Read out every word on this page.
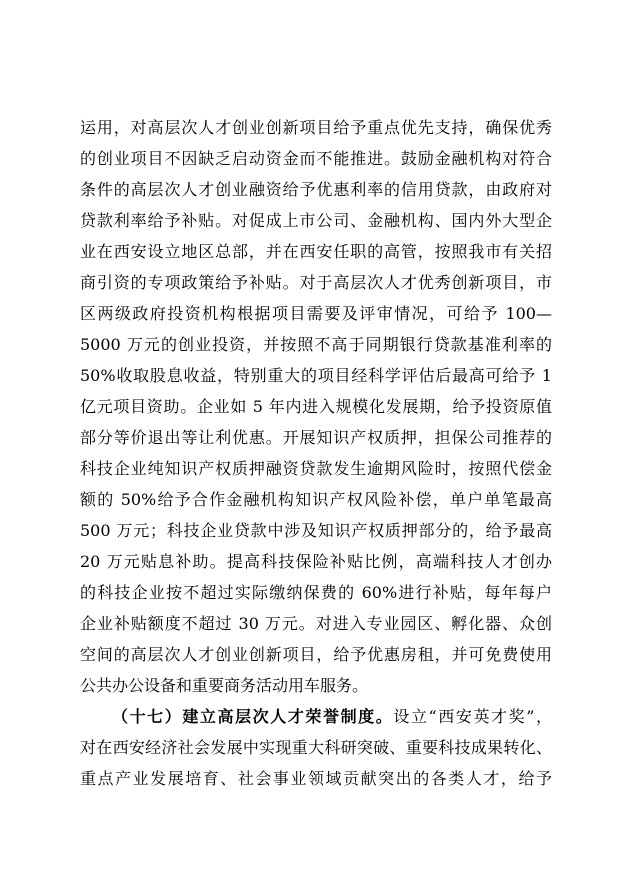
运用，对高层次人才创业创新项目给予重点优先支持，确保优秀

的创业项目不因缺乏启动资金而不能推进。鼓励金融机构对符合

条件的高层次人才创业融资给予优惠利率的信用贷款，由政府对

贷款利率给予补贴。对促成上市公司、金融机构、国内外大型企

业在西安设立地区总部，并在西安任职的高管，按照我市有关招

商引资的专项政策给予补贴。对于高层次人才优秀创新项目，市

区两级政府投资机构根据项目需要及评审情况，可给予 100—

5000 万元的创业投资，并按照不高于同期银行贷款基准利率的

50%收取股息收益，特别重大的项目经科学评估后最高可给予 1

亿元项目资助。企业如 5 年内进入规模化发展期，给予投资原值

部分等价退出等让利优惠。开展知识产权质押，担保公司推荐的

科技企业纯知识产权质押融资贷款发生逾期风险时，按照代偿金

额的 50%给予合作金融机构知识产权风险补偿，单户单笔最高

500 万元；科技企业贷款中涉及知识产权质押部分的，给予最高

20 万元贴息补助。提高科技保险补贴比例，高端科技人才创办

的科技企业按不超过实际缴纳保费的 60%进行补贴，每年每户

企业补贴额度不超过 30 万元。对进入专业园区、孵化器、众创

空间的高层次人才创业创新项目，给予优惠房租，并可免费使用

公共办公设备和重要商务活动用车服务。

（十七）建立高层次人才荣誉制度。设立“西安英才奖”，

对在西安经济社会发展中实现重大科研突破、重要科技成果转化、

重点产业发展培育、社会事业领域贡献突出的各类人才，给予
